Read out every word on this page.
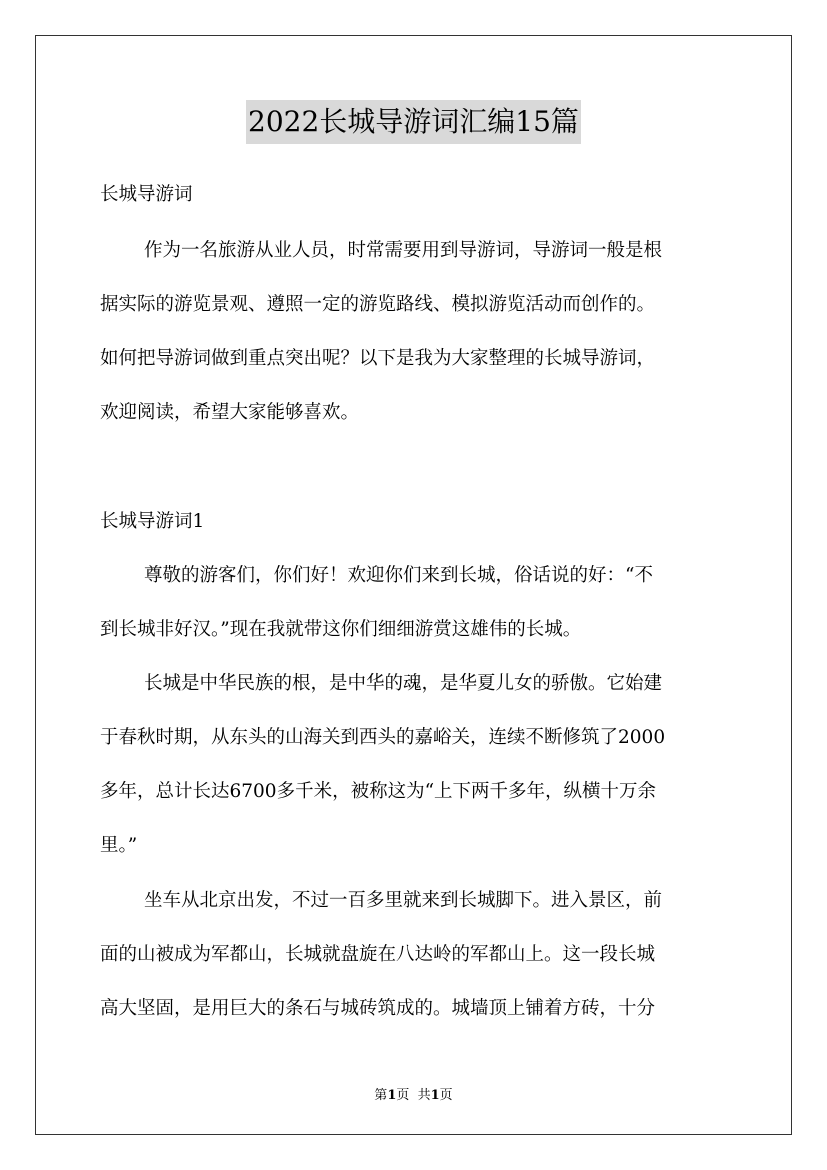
2022长城导游词汇编15篇
长城导游词
作为一名旅游从业人员，时常需要用到导游词，导游词一般是根
据实际的游览景观、遵照一定的游览路线、模拟游览活动而创作的。
如何把导游词做到重点突出呢？以下是我为大家整理的长城导游词，
欢迎阅读，希望大家能够喜欢。
长城导游词1
尊敬的游客们，你们好！欢迎你们来到长城，俗话说的好：“不
到长城非好汉。”现在我就带这你们细细游赏这雄伟的长城。
长城是中华民族的根，是中华的魂，是华夏儿女的骄傲。它始建
于春秋时期，从东头的山海关到西头的嘉峪关，连续不断修筑了2000
多年，总计长达6700多千米，被称这为“上下两千多年，纵横十万余
里。”
坐车从北京出发，不过一百多里就来到长城脚下。进入景区，前
面的山被成为军都山，长城就盘旋在八达岭的军都山上。这一段长城
高大坚固，是用巨大的条石与城砖筑成的。城墙顶上铺着方砖，十分
第1页  共1页
